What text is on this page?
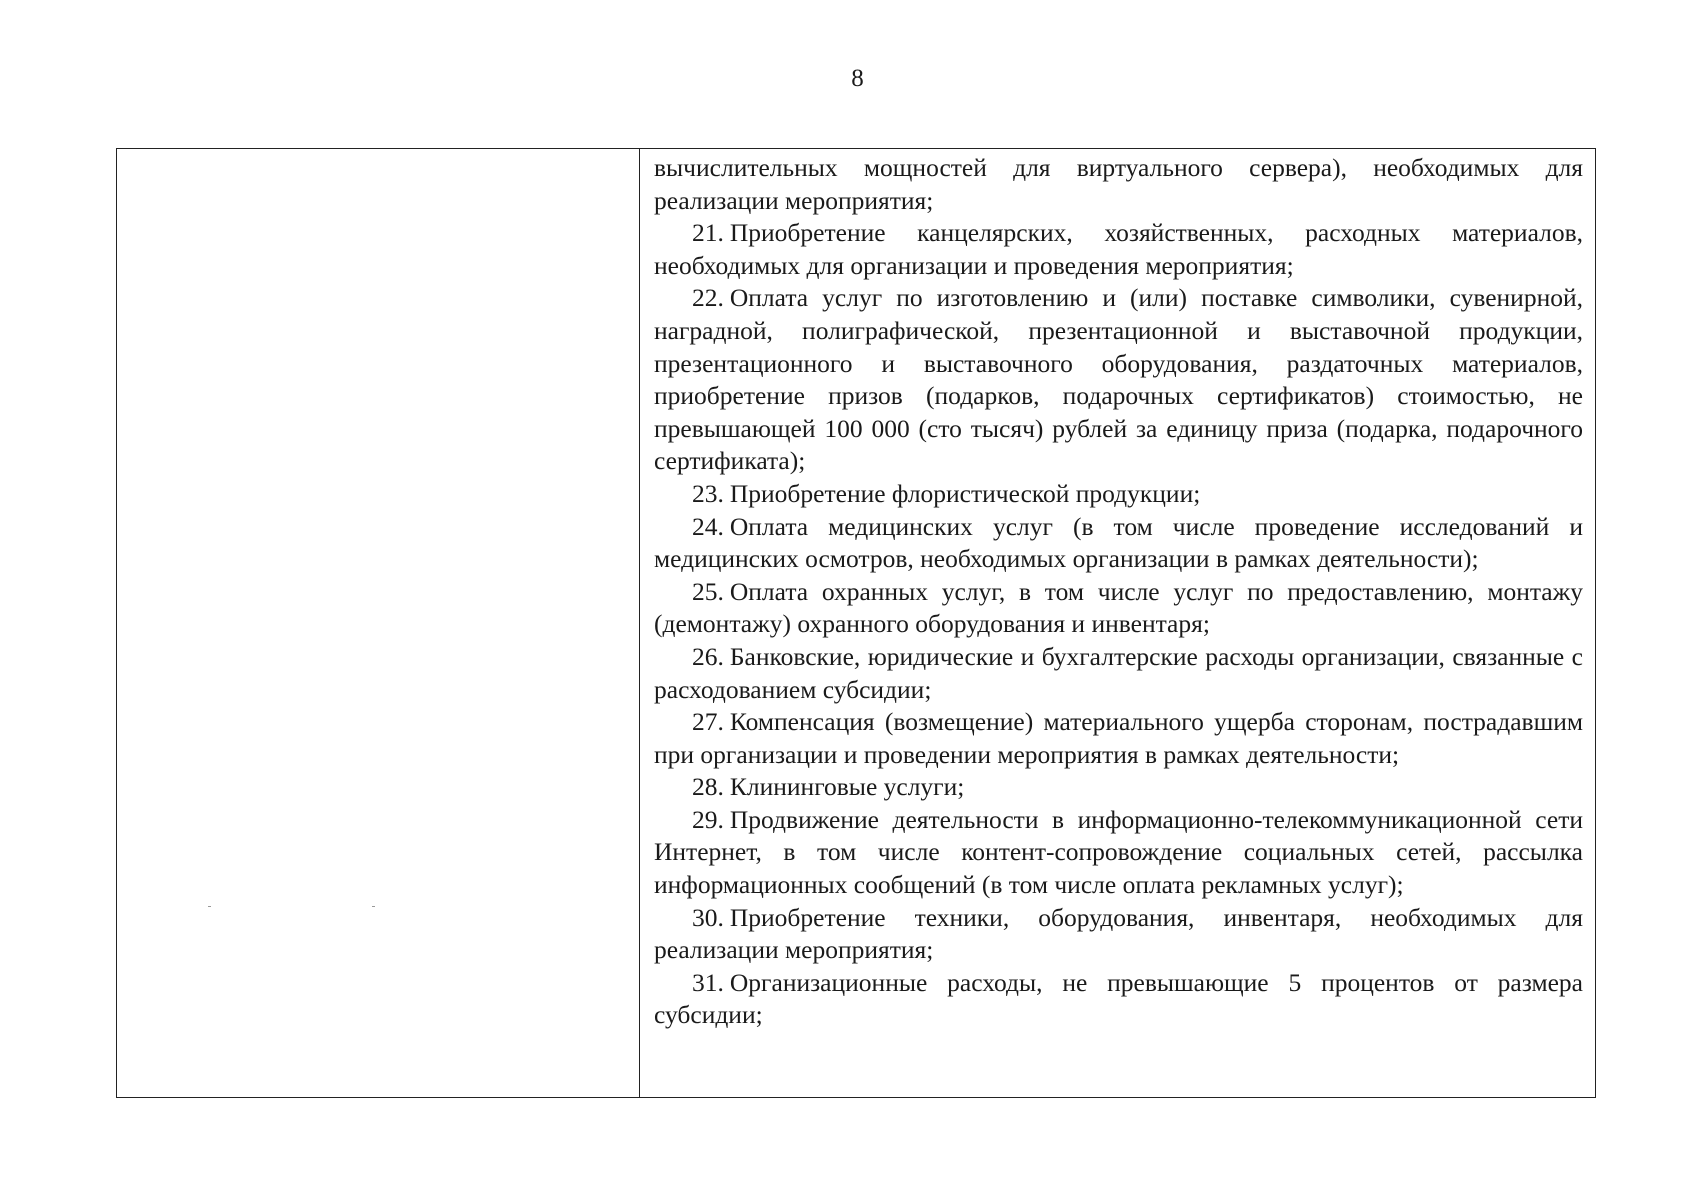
8

вычислительных мощностей для виртуального сервера), необходимых для реализации мероприятия;

21. Приобретение канцелярских, хозяйственных, расходных материалов, необходимых для организации и проведения мероприятия;

22. Оплата услуг по изготовлению и (или) поставке символики, сувенирной, наградной, полиграфической, презентационной и выставочной продукции, презентационного и выставочного оборудования, раздаточных материалов, приобретение призов (подарков, подарочных сертификатов) стоимостью, не превышающей 100 000 (сто тысяч) рублей за единицу приза (подарка, подарочного сертификата);

23. Приобретение флористической продукции;

24. Оплата медицинских услуг (в том числе проведение исследований и медицинских осмотров, необходимых организации в рамках деятельности);

25. Оплата охранных услуг, в том числе услуг по предоставлению, монтажу (демонтажу) охранного оборудования и инвентаря;

26. Банковские, юридические и бухгалтерские расходы организации, связанные с расходованием субсидии;

27. Компенсация (возмещение) материального ущерба сторонам, пострадавшим при организации и проведении мероприятия в рамках деятельности;

28. Клининговые услуги;

29. Продвижение деятельности в информационно-телекоммуникационной сети Интернет, в том числе контент-сопровождение социальных сетей, рассылка информационных сообщений (в том числе оплата рекламных услуг);

30. Приобретение техники, оборудования, инвентаря, необходимых для реализации мероприятия;

31. Организационные расходы, не превышающие 5 процентов от размера субсидии;
